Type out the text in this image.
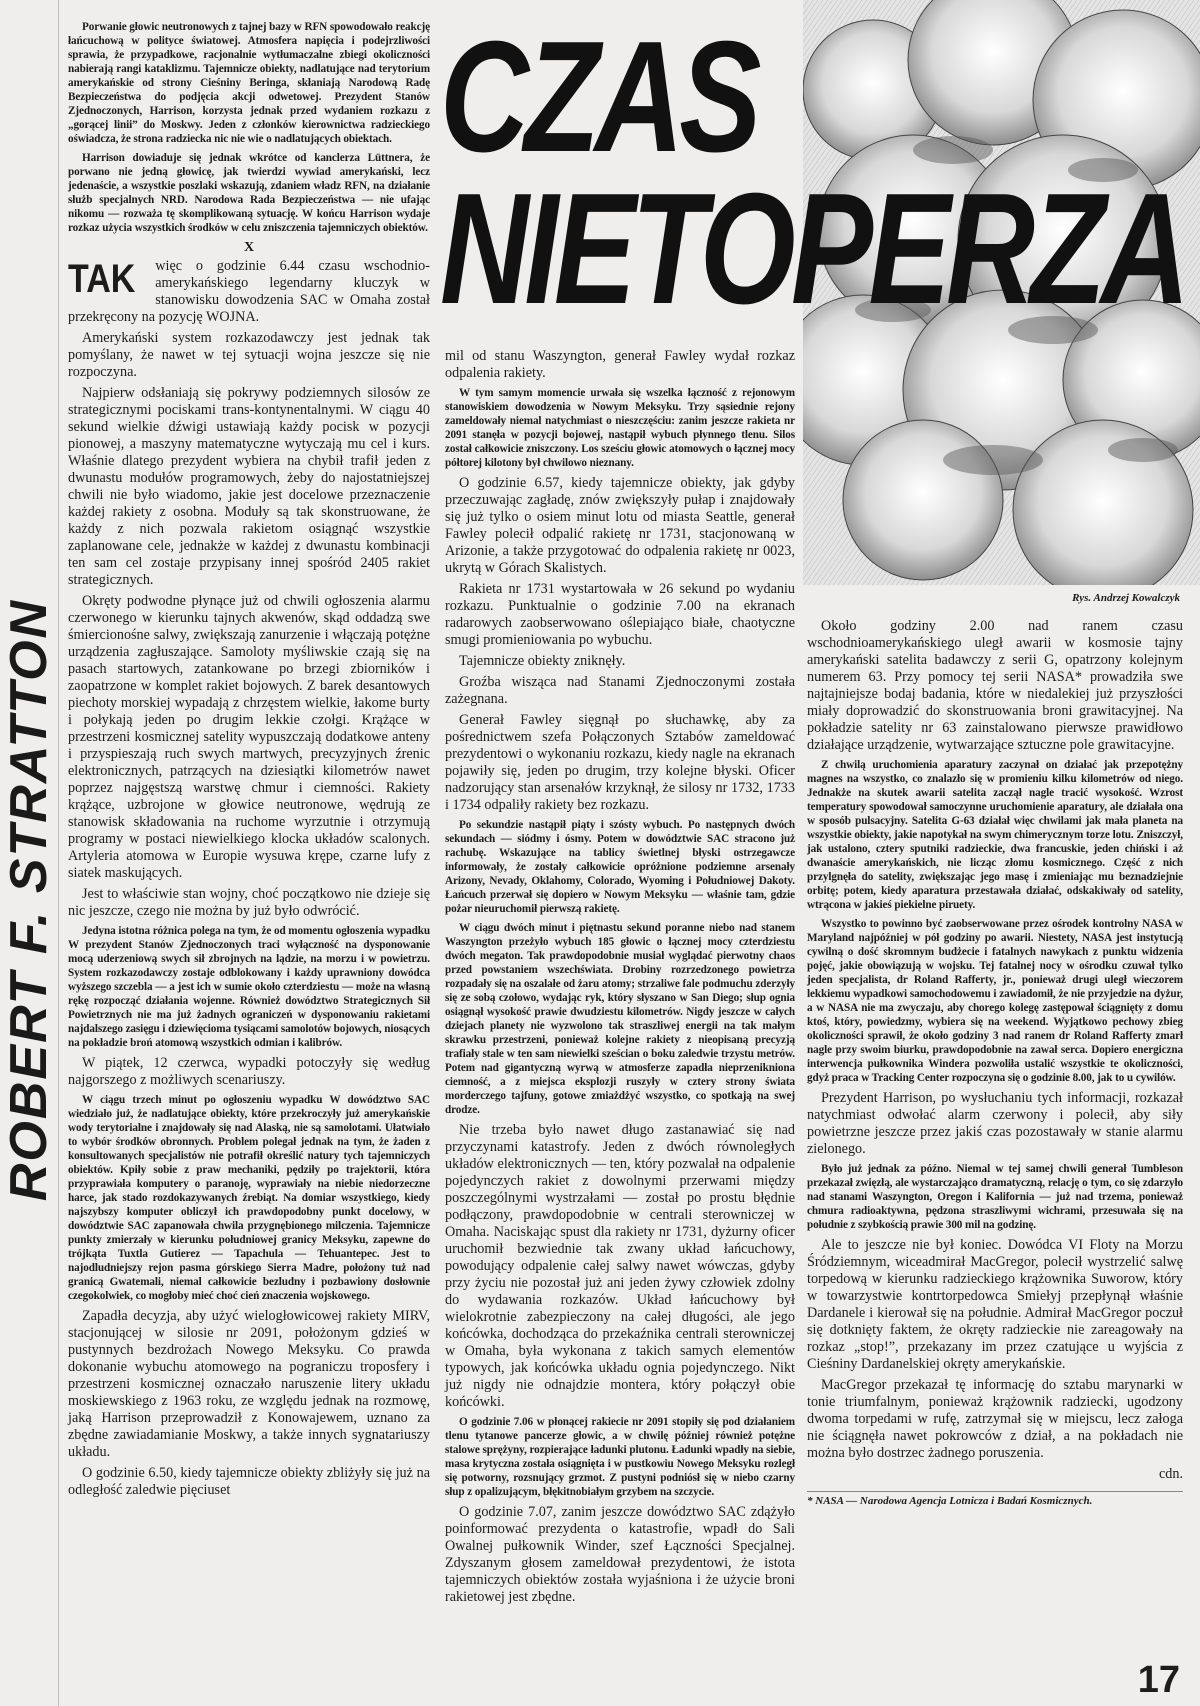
ROBERT F. STRATTON
Rys. Andrzej Kowalczyk
CZAS
NIETOPERZA

Porwanie głowic neutronowych z tajnej bazy w RFN spowodowało reakcję łańcuchową w polityce światowej. Atmosfera napięcia i podejrzliwości sprawia, że przypadkowe, racjonalnie wytłumaczalne zbiegi okoliczności nabierają rangi kataklizmu. Tajemnicze obiekty, nadlatujące nad terytorium amerykańskie od strony Cieśniny Beringa, skłaniają Narodową Radę Bezpieczeństwa do podjęcia akcji odwetowej. Prezydent Stanów Zjednoczonych, Harrison, korzysta jednak przed wydaniem rozkazu z „gorącej linii” do Moskwy. Jeden z członków kierownictwa radzieckiego oświadcza, że strona radziecka nic nie wie o nadlatujących obiektach.

Harrison dowiaduje się jednak wkrótce od kanclerza Lüttnera, że porwano nie jedną głowicę, jak twierdzi wywiad amerykański, lecz jedenaście, a wszystkie poszlaki wskazują, zdaniem władz RFN, na działanie służb specjalnych NRD. Narodowa Rada Bezpieczeństwa — nie ufając nikomu — rozważa tę skomplikowaną sytuację. W końcu Harrison wydaje rozkaz użycia wszystkich środków w celu zniszczenia tajemniczych obiektów.

X
TAK więc o godzinie 6.44 czasu wschodnio-amerykańskiego legendarny kluczyk w stanowisku dowodzenia SAC w Omaha został przekręcony na pozycję WOJNA.

Amerykański system rozkazodawczy jest jednak tak pomyślany, że nawet w tej sytuacji wojna jeszcze się nie rozpoczyna.

Najpierw odsłaniają się pokrywy podziemnych silosów ze strategicznymi pociskami trans-kontynentalnymi. W ciągu 40 sekund wielkie dźwigi ustawiają każdy pocisk w pozycji pionowej, a maszyny matematyczne wytyczają mu cel i kurs. Właśnie dlatego prezydent wybiera na chybił trafił jeden z dwunastu modułów programowych, żeby do najostatniejszej chwili nie było wiadomo, jakie jest docelowe przeznaczenie każdej rakiety z osobna. Moduły są tak skonstruowane, że każdy z nich pozwala rakietom osiągnąć wszystkie zaplanowane cele, jednakże w każdej z dwunastu kombinacji ten sam cel zostaje przypisany innej spośród 2405 rakiet strategicznych.

Okręty podwodne płynące już od chwili ogłoszenia alarmu czerwonego w kierunku tajnych akwenów, skąd oddadzą swe śmiercionośne salwy, zwiększają zanurzenie i włączają potężne urządzenia zagłuszające. Samoloty myśliwskie czają się na pasach startowych, zatankowane po brzegi zbiorników i zaopatrzone w komplet rakiet bojowych. Z barek desantowych piechoty morskiej wypadają z chrzęstem wielkie, łakome burty i połykają jeden po drugim lekkie czołgi. Krążące w przestrzeni kosmicznej satelity wypuszczają dodatkowe anteny i przyspieszają ruch swych martwych, precyzyjnych źrenic elektronicznych, patrzących na dziesiątki kilometrów nawet poprzez najgęstszą warstwę chmur i ciemności. Rakiety krążące, uzbrojone w głowice neutronowe, wędrują ze stanowisk składowania na ruchome wyrzutnie i otrzymują programy w postaci niewielkiego klocka układów scalonych. Artyleria atomowa w Europie wysuwa krępe, czarne lufy z siatek maskujących.

Jest to właściwie stan wojny, choć początkowo nie dzieje się nic jeszcze, czego nie można by już było odwrócić.

Jedyna istotna różnica polega na tym, że od momentu ogłoszenia wypadku W prezydent Stanów Zjednoczonych traci wyłączność na dysponowanie mocą uderzeniową swych sił zbrojnych na lądzie, na morzu i w powietrzu. System rozkazodawczy zostaje odblokowany i każdy uprawniony dowódca wyższego szczebla — a jest ich w sumie około czterdziestu — może na własną rękę rozpocząć działania wojenne. Również dowództwo Strategicznych Sił Powietrznych nie ma już żadnych ograniczeń w dysponowaniu rakietami najdalszego zasięgu i dziewięcioma tysiącami samolotów bojowych, niosących na pokładzie broń atomową wszystkich odmian i kalibrów.

W piątek, 12 czerwca, wypadki potoczyły się według najgorszego z możliwych scenariuszy.

W ciągu trzech minut po ogłoszeniu wypadku W dowództwo SAC wiedziało już, że nadlatujące obiekty, które przekroczyły już amerykańskie wody terytorialne i znajdowały się nad Alaską, nie są samolotami. Ułatwiało to wybór środków obronnych. Problem polegał jednak na tym, że żaden z konsultowanych specjalistów nie potrafił określić natury tych tajemniczych obiektów. Kpiły sobie z praw mechaniki, pędziły po trajektorii, która przyprawiała komputery o paranoję, wyprawiały na niebie niedorzeczne harce, jak stado rozdokazywanych źrebiąt. Na domiar wszystkiego, kiedy najszybszy komputer obliczył ich prawdopodobny punkt docelowy, w dowództwie SAC zapanowała chwila przygnębionego milczenia. Tajemnicze punkty zmierzały w kierunku południowej granicy Meksyku, zapewne do trójkąta Tuxtla Gutierez — Tapachula — Tehuantepec. Jest to najodludniejszy rejon pasma górskiego Sierra Madre, położony tuż nad granicą Gwatemali, niemal całkowicie bezludny i pozbawiony dosłownie czegokolwiek, co mogłoby mieć choć cień znaczenia wojskowego.

Zapadła decyzja, aby użyć wielogłowicowej rakiety MIRV, stacjonującej w silosie nr 2091, położonym gdzieś w pustynnych bezdrożach Nowego Meksyku. Co prawda dokonanie wybuchu atomowego na pograniczu troposfery i przestrzeni kosmicznej oznaczało naruszenie litery układu moskiewskiego z 1963 roku, ze względu jednak na rozmowę, jaką Harrison przeprowadził z Konowajewem, uznano za zbędne zawiadamianie Moskwy, a także innych sygnatariuszy układu.

O godzinie 6.50, kiedy tajemnicze obiekty zbliżyły się już na odległość zaledwie pięciuset

mil od stanu Waszyngton, generał Fawley wydał rozkaz odpalenia rakiety.

W tym samym momencie urwała się wszelka łączność z rejonowym stanowiskiem dowodzenia w Nowym Meksyku. Trzy sąsiednie rejony zameldowały niemal natychmiast o nieszczęściu: zanim jeszcze rakieta nr 2091 stanęła w pozycji bojowej, nastąpił wybuch płynnego tlenu. Silos został całkowicie zniszczony. Los sześciu głowic atomowych o łącznej mocy półtorej kilotony był chwilowo nieznany.

O godzinie 6.57, kiedy tajemnicze obiekty, jak gdyby przeczuwając zagładę, znów zwiększyły pułap i znajdowały się już tylko o osiem minut lotu od miasta Seattle, generał Fawley polecił odpalić rakietę nr 1731, stacjonowaną w Arizonie, a także przygotować do odpalenia rakietę nr 0023, ukrytą w Górach Skalistych.

Rakieta nr 1731 wystartowała w 26 sekund po wydaniu rozkazu. Punktualnie o godzinie 7.00 na ekranach radarowych zaobserwowano oślepiająco białe, chaotyczne smugi promieniowania po wybuchu.

Tajemnicze obiekty zniknęły.

Groźba wisząca nad Stanami Zjednoczonymi została zażegnana.

Generał Fawley sięgnął po słuchawkę, aby za pośrednictwem szefa Połączonych Sztabów zameldować prezydentowi o wykonaniu rozkazu, kiedy nagle na ekranach pojawiły się, jeden po drugim, trzy kolejne błyski. Oficer nadzorujący stan arsenałów krzyknął, że silosy nr 1732, 1733 i 1734 odpaliły rakiety bez rozkazu.

Po sekundzie nastąpił piąty i szósty wybuch. Po następnych dwóch sekundach — siódmy i ósmy. Potem w dowództwie SAC stracono już rachubę. Wskazujące na tablicy świetlnej błyski ostrzegawcze informowały, że zostały całkowicie opróżnione podziemne arsenały Arizony, Nevady, Oklahomy, Colorado, Wyoming i Południowej Dakoty. Łańcuch przerwał się dopiero w Nowym Meksyku — właśnie tam, gdzie pożar nieuruchomił pierwszą rakietę.

W ciągu dwóch minut i piętnastu sekund poranne niebo nad stanem Waszyngton przeżyło wybuch 185 głowic o łącznej mocy czterdziestu dwóch megaton. Tak prawdopodobnie musiał wyglądać pierwotny chaos przed powstaniem wszechświata. Drobiny rozrzedzonego powietrza rozpadały się na oszalałe od żaru atomy; strzaliwe fale podmuchu zderzyły się ze sobą czołowo, wydając ryk, który słyszano w San Diego; słup ognia osiągnął wysokość prawie dwudziestu kilometrów. Nigdy jeszcze w całych dziejach planety nie wyzwolono tak straszliwej energii na tak małym skrawku przestrzeni, ponieważ kolejne rakiety z nieopisaną precyzją trafiały stale w ten sam niewielki sześcian o boku zaledwie trzystu metrów. Potem nad gigantyczną wyrwą w atmosferze zapadła nieprzenikniona ciemność, a z miejsca eksplozji ruszyły w cztery strony świata morderczego tajfuny, gotowe zmiażdżyć wszystko, co spotkają na swej drodze.

Nie trzeba było nawet długo zastanawiać się nad przyczynami katastrofy. Jeden z dwóch równoległych układów elektronicznych — ten, który pozwalał na odpalenie pojedynczych rakiet z dowolnymi przerwami między poszczególnymi wystrzałami — został po prostu błędnie podłączony, prawdopodobnie w centrali sterowniczej w Omaha. Naciskając spust dla rakiety nr 1731, dyżurny oficer uruchomił bezwiednie tak zwany układ łańcuchowy, powodujący odpalenie całej salwy nawet wówczas, gdyby przy życiu nie pozostał już ani jeden żywy człowiek zdolny do wydawania rozkazów. Układ łańcuchowy był wielokrotnie zabezpieczony na całej długości, ale jego końcówka, dochodząca do przekaźnika centrali sterowniczej w Omaha, była wykonana z takich samych elementów typowych, jak końcówka układu ognia pojedynczego. Nikt już nigdy nie odnajdzie montera, który połączył obie końcówki.

O godzinie 7.06 w płonącej rakiecie nr 2091 stopiły się pod działaniem tlenu tytanowe pancerze głowic, a w chwilę później również potężne stalowe sprężyny, rozpierające ładunki plutonu. Ładunki wpadły na siebie, masa krytyczna została osiągnięta i w pustkowiu Nowego Meksyku rozległ się potworny, rozsnujący grzmot. Z pustyni podniósł się w niebo czarny słup z opalizującym, błękitnobiałym grzybem na szczycie.

O godzinie 7.07, zanim jeszcze dowództwo SAC zdążyło poinformować prezydenta o katastrofie, wpadł do Sali Owalnej pułkownik Winder, szef Łączności Specjalnej. Zdyszanym głosem zameldował prezydentowi, że istota tajemniczych obiektów została wyjaśniona i że użycie broni rakietowej jest zbędne.

Około godziny 2.00 nad ranem czasu wschodnioamerykańskiego uległ awarii w kosmosie tajny amerykański satelita badawczy z serii G, opatrzony kolejnym numerem 63. Przy pomocy tej serii NASA* prowadziła swe najtajniejsze bodaj badania, które w niedalekiej już przyszłości miały doprowadzić do skonstruowania broni grawitacyjnej. Na pokładzie satelity nr 63 zainstalowano pierwsze prawidłowo działające urządzenie, wytwarzające sztuczne pole grawitacyjne.

Z chwilą uruchomienia aparatury zaczynał on działać jak przepotężny magnes na wszystko, co znalazło się w promieniu kilku kilometrów od niego. Jednakże na skutek awarii satelita zaczął nagle tracić wysokość. Wzrost temperatury spowodował samoczynne uruchomienie aparatury, ale działała ona w sposób pulsacyjny. Satelita G-63 działał więc chwilami jak mała planeta na wszystkie obiekty, jakie napotykał na swym chimerycznym torze lotu. Zniszczył, jak ustalono, cztery sputniki radzieckie, dwa francuskie, jeden chiński i aż dwanaście amerykańskich, nie licząc złomu kosmicznego. Część z nich przylgnęła do satelity, zwiększając jego masę i zmieniając mu beznadziejnie orbitę; potem, kiedy aparatura przestawała działać, odskakiwały od satelity, wtrącona w jakieś piekielne piruety.

Wszystko to powinno być zaobserwowane przez ośrodek kontrolny NASA w Maryland najpóźniej w pół godziny po awarii. Niestety, NASA jest instytucją cywilną o dość skromnym budżecie i fatalnych nawykach z punktu widzenia pojęć, jakie obowiązują w wojsku. Tej fatalnej nocy w ośrodku czuwał tylko jeden specjalista, dr Roland Rafferty, jr., ponieważ drugi uległ wieczorem lekkiemu wypadkowi samochodowemu i zawiadomił, że nie przyjedzie na dyżur, a w NASA nie ma zwyczaju, aby chorego kolegę zastępował ściągnięty z domu ktoś, który, powiedzmy, wybiera się na weekend. Wyjątkowo pechowy zbieg okoliczności sprawił, że około godziny 3 nad ranem dr Roland Rafferty zmarł nagle przy swoim biurku, prawdopodobnie na zawał serca. Dopiero energiczna interwencja pułkownika Windera pozwoliła ustalić wszystkie te okoliczności, gdyż praca w Tracking Center rozpoczyna się o godzinie 8.00, jak to u cywilów.

Prezydent Harrison, po wysłuchaniu tych informacji, rozkazał natychmiast odwołać alarm czerwony i polecił, aby siły powietrzne jeszcze przez jakiś czas pozostawały w stanie alarmu zielonego.

Było już jednak za późno. Niemal w tej samej chwili generał Tumbleson przekazał zwięzłą, ale wystarczająco dramatyczną, relację o tym, co się zdarzyło nad stanami Waszyngton, Oregon i Kalifornia — już nad trzema, ponieważ chmura radioaktywna, pędzona straszliwymi wichrami, przesuwała się na południe z szybkością prawie 300 mil na godzinę.

Ale to jeszcze nie był koniec. Dowódca VI Floty na Morzu Śródziemnym, wiceadmirał MacGregor, polecił wystrzelić salwę torpedową w kierunku radzieckiego krążownika Suworow, który w towarzystwie kontrtorpedowca Smiełyj przepłynął właśnie Dardanele i kierował się na południe. Admirał MacGregor poczuł się dotknięty faktem, że okręty radzieckie nie zareagowały na rozkaz „stop!”, przekazany im przez czatujące u wyjścia z Cieśniny Dardanelskiej okręty amerykańskie.

MacGregor przekazał tę informację do sztabu marynarki w tonie triumfalnym, ponieważ krążownik radziecki, ugodzony dwoma torpedami w rufę, zatrzymał się w miejscu, lecz załoga nie ściągnęła nawet pokrowców z dział, a na pokładach nie można było dostrzec żadnego poruszenia.

cdn.

* NASA — Narodowa Agencja Lotnicza i Badań Kosmicznych.
17
